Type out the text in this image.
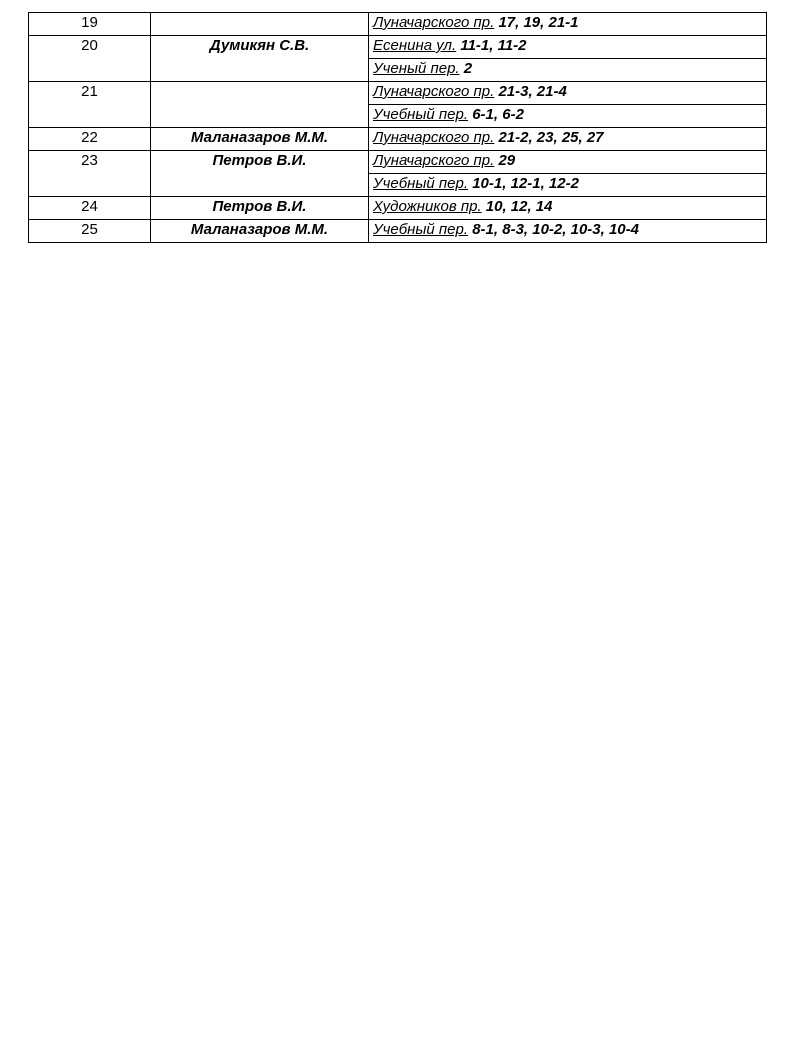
19		Луначарского пр. 17, 19, 21-1
20	Думикян С.В.	Есенина ул. 11-1, 11-2
		Ученый пер. 2
21		Луначарского пр. 21-3, 21-4
		Учебный пер. 6-1, 6-2
22	Маланазаров М.М.	Луначарского пр. 21-2, 23, 25, 27
23	Петров В.И.	Луначарского пр. 29
		Учебный пер. 10-1, 12-1, 12-2
24	Петров В.И.	Художников пр. 10, 12, 14
25	Маланазаров М.М.	Учебный пер. 8-1, 8-3, 10-2, 10-3, 10-4
